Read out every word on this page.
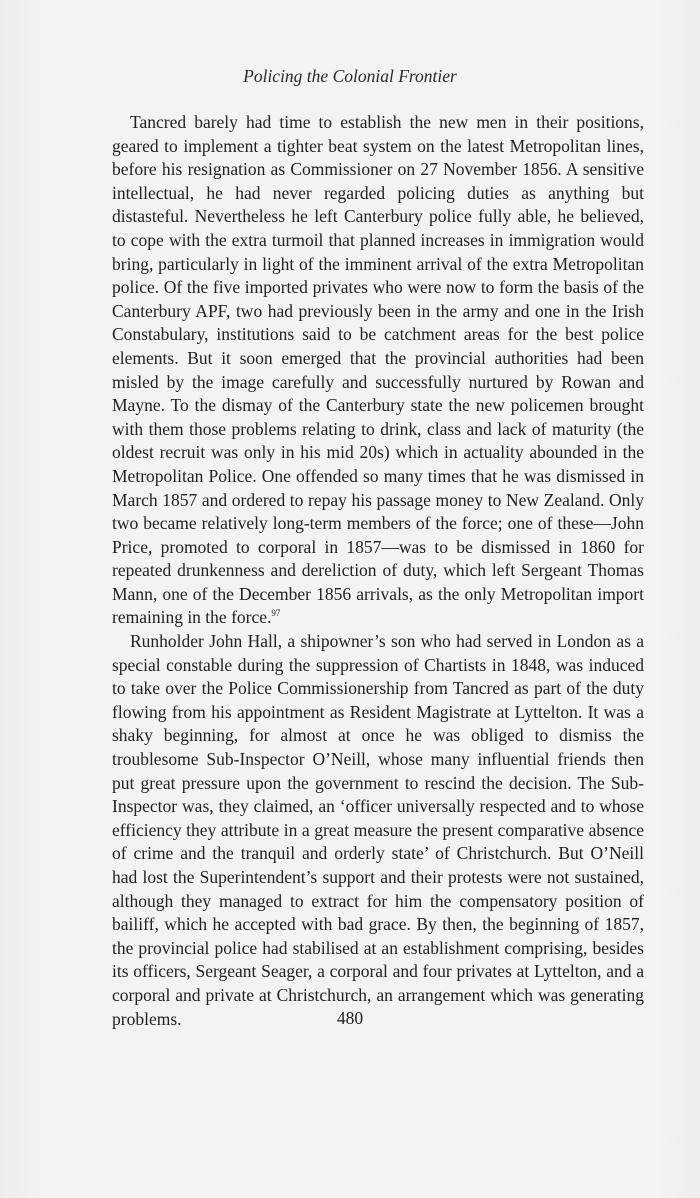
Policing the Colonial Frontier

Tancred barely had time to establish the new men in their positions, geared to implement a tighter beat system on the latest Metropolitan lines, before his resignation as Commissioner on 27 November 1856. A sensitive intellectual, he had never regarded policing duties as anything but distasteful. Nevertheless he left Canterbury police fully able, he believed, to cope with the extra turmoil that planned increases in immigration would bring, particularly in light of the imminent arrival of the extra Metropolitan police. Of the five imported privates who were now to form the basis of the Canterbury APF, two had previously been in the army and one in the Irish Constabulary, institutions said to be catchment areas for the best police elements. But it soon emerged that the provincial authorities had been misled by the image carefully and successfully nurtured by Rowan and Mayne. To the dismay of the Canterbury state the new policemen brought with them those problems relating to drink, class and lack of maturity (the oldest recruit was only in his mid 20s) which in actuality abounded in the Metropolitan Police. One offended so many times that he was dismissed in March 1857 and ordered to repay his passage money to New Zealand. Only two became relatively long-term members of the force; one of these—John Price, promoted to corporal in 1857—was to be dismissed in 1860 for repeated drunkenness and dereliction of duty, which left Sergeant Thomas Mann, one of the December 1856 arrivals, as the only Metropolitan import remaining in the force.$^{97}$

Runholder John Hall, a shipowner’s son who had served in London as a special constable during the suppression of Chartists in 1848, was induced to take over the Police Commissionership from Tancred as part of the duty flowing from his appointment as Resident Magistrate at Lyttelton. It was a shaky beginning, for almost at once he was obliged to dismiss the troublesome Sub-Inspector O’Neill, whose many influential friends then put great pressure upon the government to rescind the decision. The Sub-Inspector was, they claimed, an ‘officer universally respected and to whose efficiency they attribute in a great measure the present comparative absence of crime and the tranquil and orderly state’ of Christchurch. But O’Neill had lost the Superintendent’s support and their protests were not sustained, although they managed to extract for him the compensatory position of bailiff, which he accepted with bad grace. By then, the beginning of 1857, the provincial police had stabilised at an establishment comprising, besides its officers, Sergeant Seager, a corporal and four privates at Lyttelton, and a corporal and private at Christchurch, an arrangement which was generating problems.	480
